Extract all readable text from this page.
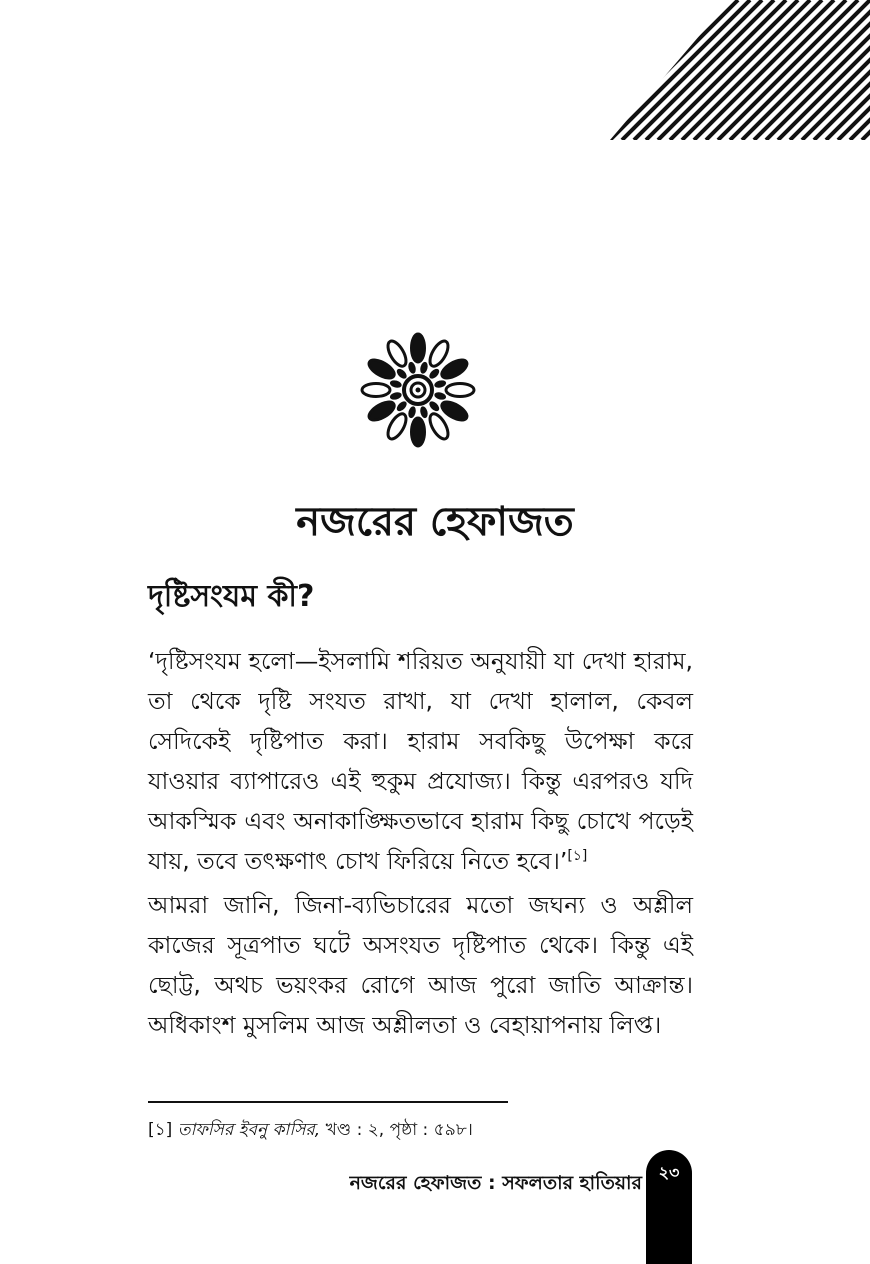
নজরের হেফাজত
দৃষ্টিসংযম কী?

‘দৃষ্টিসংযম হলো—ইসলামি শরিয়ত অনুযায়ী যা দেখা হারাম, তা থেকে দৃষ্টি সংযত রাখা, যা দেখা হালাল, কেবল সেদিকেই দৃষ্টিপাত করা। হারাম সবকিছু উপেক্ষা করে যাওয়ার ব্যাপারেও এই হুকুম প্রযোজ্য। কিন্তু এরপরও যদি আকস্মিক এবং অনাকাঙ্ক্ষিতভাবে হারাম কিছু চোখে পড়েই যায়, তবে তৎক্ষণাৎ চোখ ফিরিয়ে নিতে হবে।’[১]

আমরা জানি, জিনা-ব্যভিচারের মতো জঘন্য ও অশ্লীল কাজের সূত্রপাত ঘটে অসংযত দৃষ্টিপাত থেকে। কিন্তু এই ছোট্ট, অথচ ভয়ংকর রোগে আজ পুরো জাতি আক্রান্ত। অধিকাংশ মুসলিম আজ অশ্লীলতা ও বেহায়াপনায় লিপ্ত।

[১] তাফসির ইবনু কাসির, খণ্ড : ২, পৃষ্ঠা : ৫৯৮।

নজরের হেফাজত : সফলতার হাতিয়ার	২৩
